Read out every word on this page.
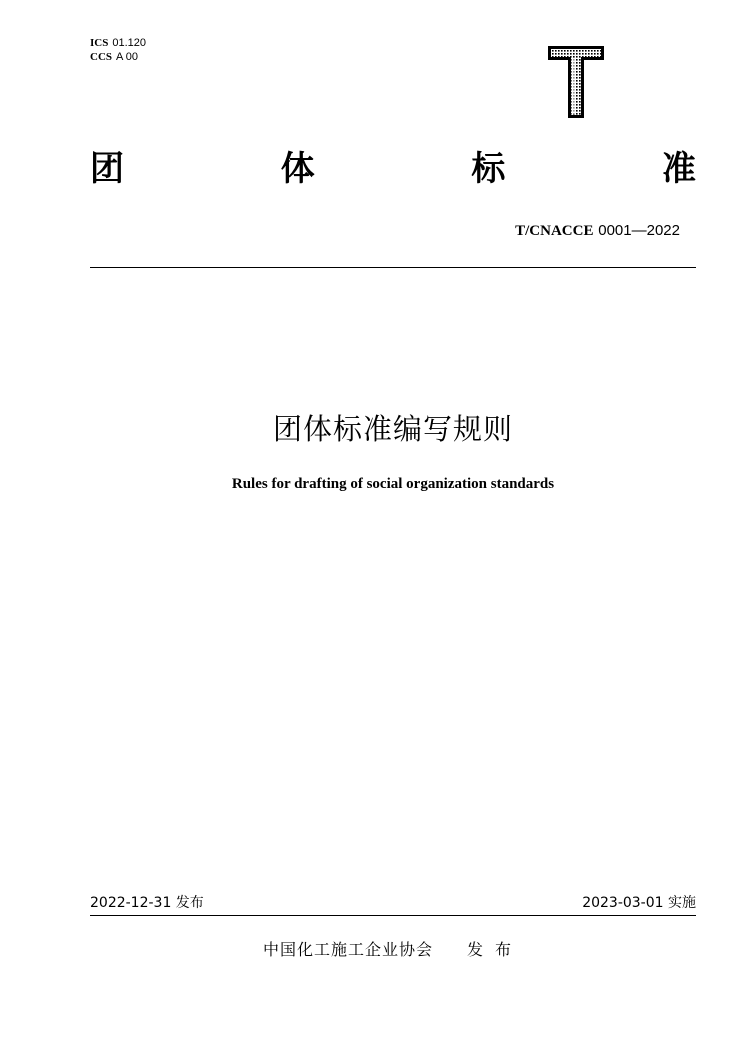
ICS 01.120
CCS A 00
T
团	体	标	准
T/CNACCE 0001—2022
团体标准编写规则
Rules for drafting of social organization standards
2022-12-31 发布	2023-03-01 实施
中国化工施工企业协会 发布
